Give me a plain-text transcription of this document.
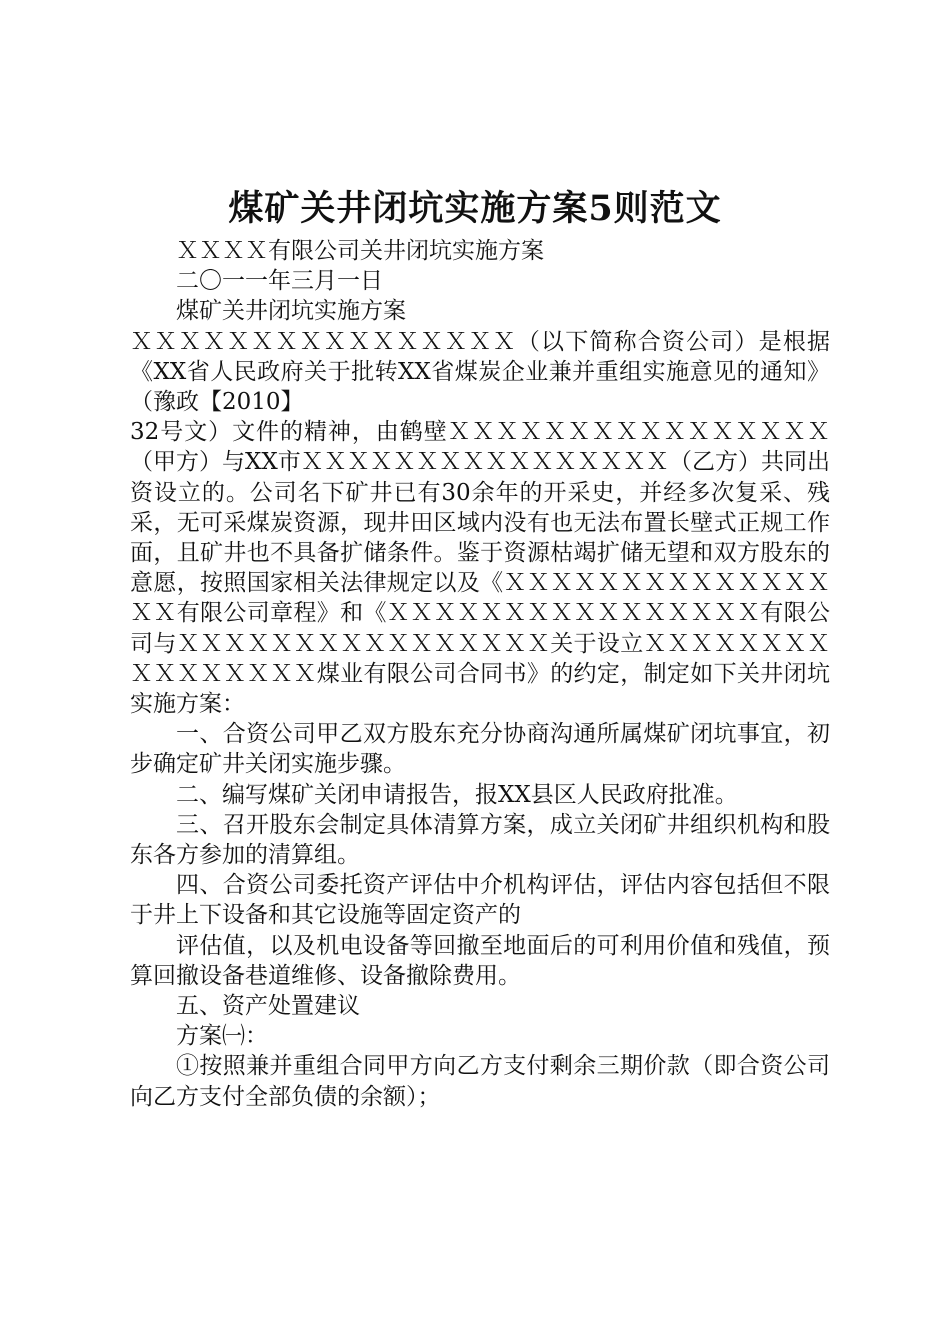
煤矿关井闭坑实施方案5则范文

ＸＸＸＸ有限公司关井闭坑实施方案

二〇一一年三月一日

煤矿关井闭坑实施方案

ＸＸＸＸＸＸＸＸＸＸＸＸＸＸＸＸ（以下简称合资公司）是根据《XX省人民政府关于批转XX省煤炭企业兼并重组实施意见的通知》（豫政【2010】

32号文）文件的精神，由鹤壁ＸＸＸＸＸＸＸＸＸＸＸＸＸＸＸＸ（甲方）与XX市ＸＸＸＸＸＸＸＸＸＸＸＸＸＸＸＸ（乙方）共同出资设立的。公司名下矿井已有30余年的开采史，并经多次复采、残采，无可采煤炭资源，现井田区域内没有也无法布置长壁式正规工作面，且矿井也不具备扩储条件。鉴于资源枯竭扩储无望和双方股东的意愿，按照国家相关法律规定以及《ＸＸＸＸＸＸＸＸＸＸＸＸＸＸＸＸ有限公司章程》和《ＸＸＸＸＸＸＸＸＸＸＸＸＸＸＸＸ有限公司与ＸＸＸＸＸＸＸＸＸＸＸＸＸＸＸＸ关于设立ＸＸＸＸＸＸＸＸＸＸＸＸＸＸＸＸ煤业有限公司合同书》的约定，制定如下关井闭坑实施方案：

一、合资公司甲乙双方股东充分协商沟通所属煤矿闭坑事宜，初步确定矿井关闭实施步骤。

二、编写煤矿关闭申请报告，报XX县区人民政府批准。

三、召开股东会制定具体清算方案，成立关闭矿井组织机构和股东各方参加的清算组。

四、合资公司委托资产评估中介机构评估，评估内容包括但不限于井上下设备和其它设施等固定资产的

评估值，以及机电设备等回撤至地面后的可利用价值和残值，预算回撤设备巷道维修、设备撤除费用。

五、资产处置建议

方案㈠：

①按照兼并重组合同甲方向乙方支付剩余三期价款（即合资公司向乙方支付全部负债的余额）；
